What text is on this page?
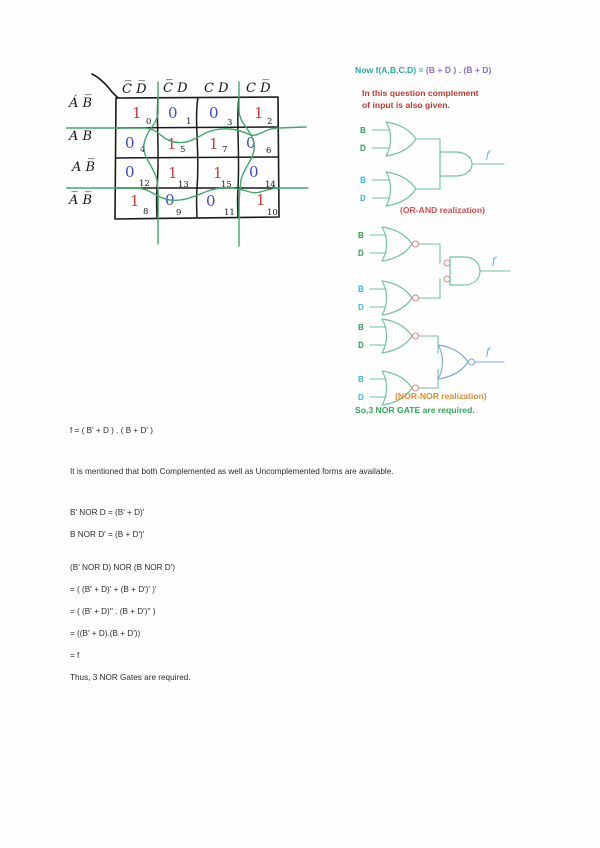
C̅ D̅ C̅ D C D C D̅
Á B̅
A̅ B
A B̅
A̅ B̅
1 0 0 1 0
3
1 2
0 4 1 5 1 7 0 6
0
12
1
13
1
15
0
14
1
8
0
9
0
11
1
10
Now f(A,B,C,D) = (B + D̅ ) . (B̅ + D)
In this question complement
of input is also given.
B
D̅
B̅
D
f
(OR-AND realization)
B
D̅
B̅
D
f
B
D̅
B
D
f
(NOR-NOR realization)
So,3 NOR GATE are required.
f = ( B' + D ) . ( B + D' )
It is mentioned that both Complemented as well as Uncomplemented forms are available.
B' NOR D = (B' + D)'
B NOR D' = (B + D')'
(B' NOR D) NOR (B NOR D')
= ( (B' + D)' + (B + D')' )'
= ( (B' + D)'' . (B + D')'' )
= ((B' + D).(B + D'))
= f
Thus, 3 NOR Gates are required.
